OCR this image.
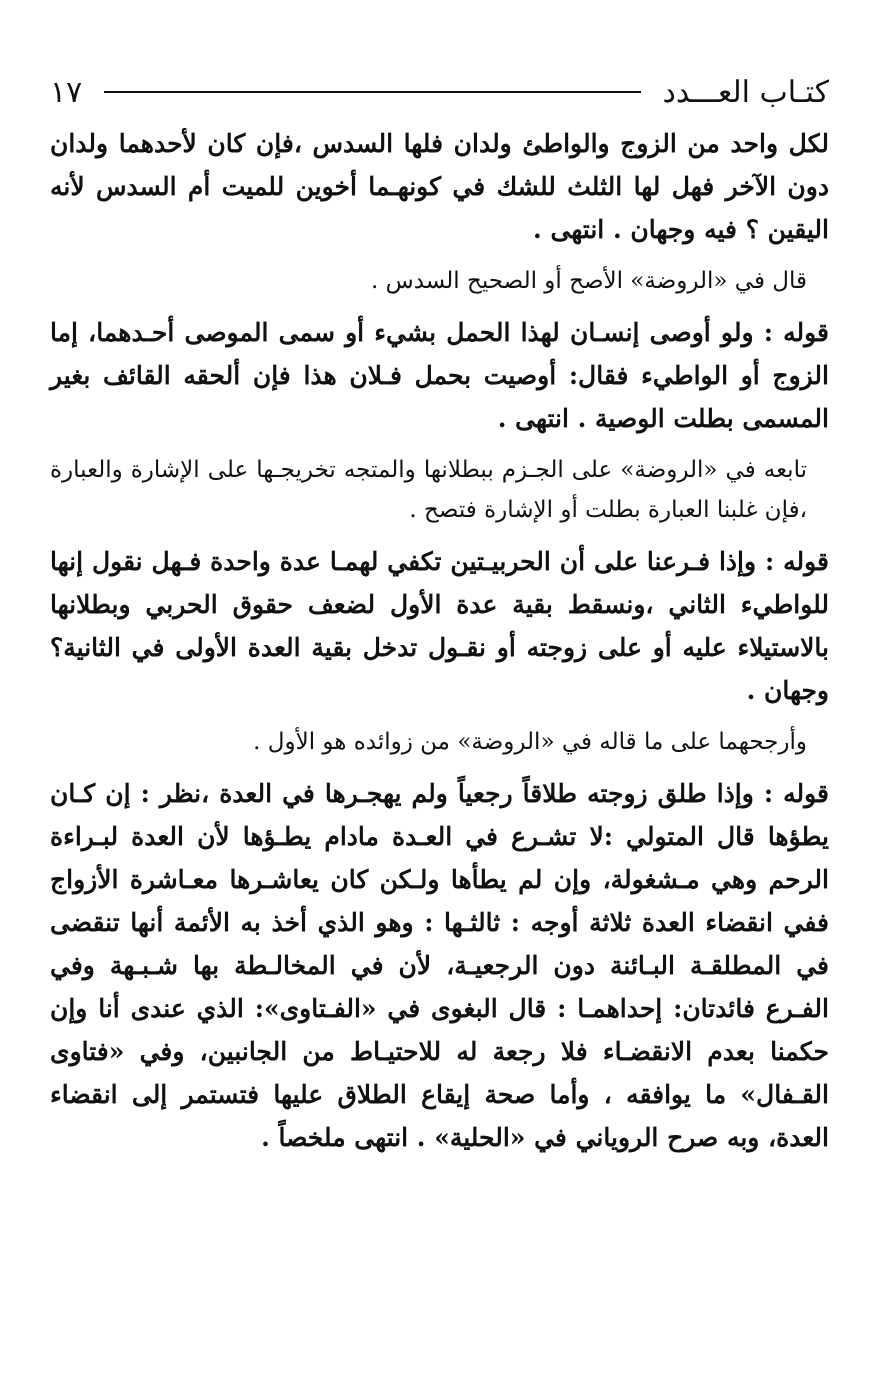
كتـاب العـــدد
١٧

لكل واحد من الزوج والواطئ ولدان فلها السدس ،فإن كان لأحدهما ولدان دون الآخر فهل لها الثلث للشك في كونهـما أخوين للميت أم السدس لأنه اليقين ؟ فيه وجهان . انتهى .

قال في «الروضة» الأصح أو الصحيح السدس .

قوله : ولو أوصى إنسـان لهذا الحمل بشيء أو سمى الموصى أحـدهما، إما الزوج أو الواطيء فقال: أوصيت بحمل فـلان هذا فإن ألحقه القائف بغير المسمى بطلت الوصية . انتهى .

تابعه في «الروضة» على الجـزم ببطلانها والمتجه تخريجـها على الإشارة والعبارة ،فإن غلبنا العبارة بطلت أو الإشارة فتصح .

قوله : وإذا فـرعنا على أن الحربيـتين تكفي لهمـا عدة واحدة فـهل نقول إنها للواطيء الثاني ،ونسقط بقية عدة الأول لضعف حقوق الحربي وبطلانها بالاستيلاء عليه أو على زوجته أو نقـول تدخل بقية العدة الأولى في الثانية؟ وجهان .

وأرجحهما على ما قاله في «الروضة» من زوائده هو الأول .

قوله : وإذا طلق زوجته طلاقاً رجعياً ولم يهجـرها في العدة ،نظر : إن كـان يطؤها قال المتولي :لا تشـرع في العـدة مادام يطـؤها لأن العدة لبـراءة الرحم وهي مـشغولة، وإن لم يطأها ولـكن كان يعاشـرها معـاشرة الأزواج ففي انقضاء العدة ثلاثة أوجه : ثالثـها : وهو الذي أخذ به الأئمة أنها تنقضى في المطلقـة البـائنة دون الرجعيـة، لأن في المخالـطة بها شـبـهة وفي الفـرع فائدتان: إحداهمـا : قال البغوى في «الفـتاوى»: الذي عندى أنا وإن حكمنا بعدم الانقضـاء فلا رجعة له للاحتيـاط من الجانبين، وفي «فتاوى القـفال» ما يوافقه ، وأما صحة إيقاع الطلاق عليها فتستمر إلى انقضاء العدة، وبه صرح الروياني في «الحلية» . انتهى ملخصاً .
